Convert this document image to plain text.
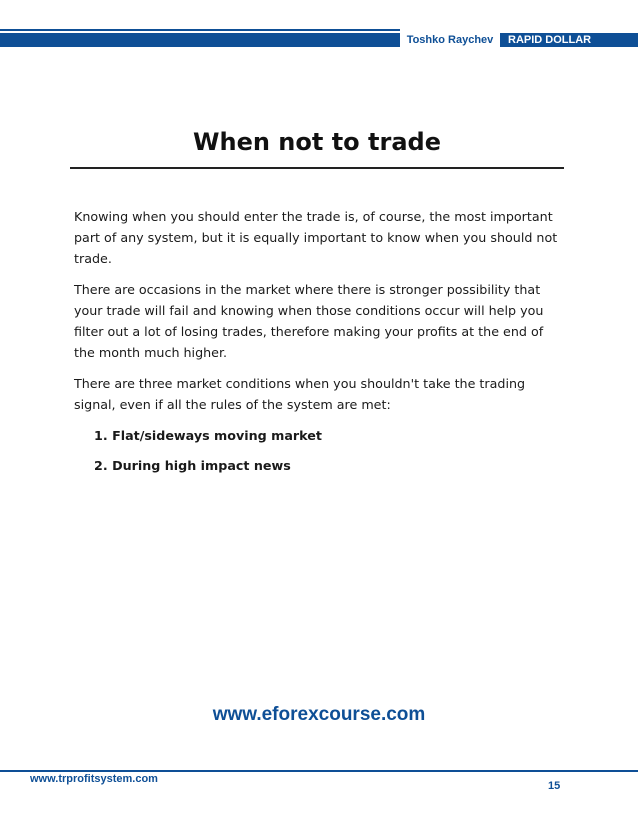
Toshko Raychev	RAPID DOLLAR SYSTEM
When not to trade

Knowing when you should enter the trade is, of course, the most important part of any system, but it is equally important to know when you should not trade.

There are occasions in the market where there is stronger possibility that your trade will fail and knowing when those conditions occur will help you filter out a lot of losing trades, therefore making your profits at the end of the month much higher.

There are three market conditions when you shouldn't take the trading signal, even if all the rules of the system are met:

1. Flat/sideways moving market
2. During high impact news
www.eforexcourse.com
www.trprofitsystem.com
15
